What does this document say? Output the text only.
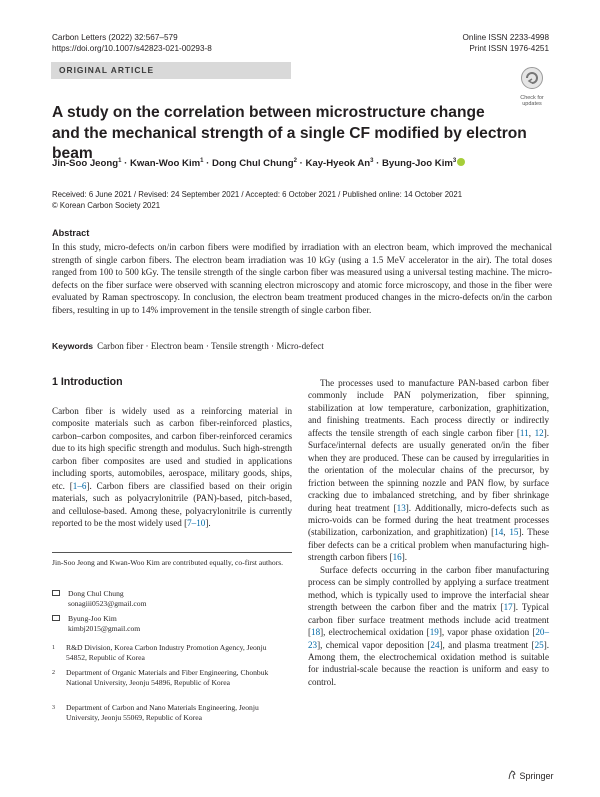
Carbon Letters (2022) 32:567–579
https://doi.org/10.1007/s42823-021-00293-8
Online ISSN 2233-4998
Print ISSN 1976-4251
ORIGINAL ARTICLE
Check for
updates
A study on the correlation between microstructure change
and the mechanical strength of a single CF modified by electron beam
Jin-Soo Jeong$^1$ · Kwan-Woo Kim$^1$ · Dong Chul Chung$^2$ · Kay-Hyeok $An^3$ · Byung-Joo Kim$^3$
Received: 6 June 2021 / Revised: 24 September 2021 / Accepted: 6 October 2021 / Published online: 14 October 2021
© Korean Carbon Society 2021
Abstract
In this study, micro-defects on/in carbon fibers were modified by irradiation with an electron beam, which improved the mechanical strength of single carbon fibers. The electron beam irradiation was 10 kGy (using a 1.5 MeV accelerator in the air). The total doses ranged from 100 to 500 kGy. The tensile strength of the single carbon fiber was measured using a universal testing machine. The micro-defects on the fiber surface were observed with scanning electron microscopy and atomic force microscopy, and those in the fiber were evaluated by Raman spectroscopy. In conclusion, the electron beam treatment produced changes in the micro-defects on/in the carbon fibers, resulting in up to 14% improvement in the tensile strength of single carbon fiber.
Keywords Carbon fiber · Electron beam · Tensile strength · Micro-defect
1 Introduction

Carbon fiber is widely used as a reinforcing material in composite materials such as carbon fiber-reinforced plastics, carbon–carbon composites, and carbon fiber-reinforced ceramics due to its high specific strength and modulus. Such high-strength carbon fiber composites are used and studied in applications including sports, automobiles, aerospace, military goods, ships, etc. [1–6]. Carbon fibers are classified based on their origin materials, such as polyacrylonitrile (PAN)-based, pitch-based, and cellulose-based. Among these, polyacrylonitrile is currently reported to be the most widely used [7–10].

Jin-Soo Jeong and Kwan-Woo Kim are contributed equally, co-first authors.
Dong Chul Chung
sonagiii0523@gmail.com
Byung-Joo Kim
kimbj2015@gmail.com
1 R&D Division, Korea Carbon Industry Promotion Agency, Jeonju 54852, Republic of Korea
2 Department of Organic Materials and Fiber Engineering, Chonbuk National University, Jeonju 54896, Republic of Korea
3 Department of Carbon and Nano Materials Engineering, Jeonju University, Jeonju 55069, Republic of Korea

The processes used to manufacture PAN-based carbon fiber commonly include PAN polymerization, fiber spinning, stabilization at low temperature, carbonization, graphitization, and finishing treatments. Each process directly or indirectly affects the tensile strength of each single carbon fiber [11, 12]. Surface/internal defects are usually generated on/in the fiber when they are produced. These can be caused by irregularities in the orientation of the molecular chains of the precursor, by friction between the spinning nozzle and PAN flow, by surface cracking due to imbalanced stretching, and by fiber shrinkage during heat treatment [13]. Additionally, micro-defects such as micro-voids can be formed during the heat treatment processes (stabilization, carbonization, and graphitization) [14, 15]. These fiber defects can be a critical problem when manufacturing high-strength carbon fibers [16].

Surface defects occurring in the carbon fiber manufacturing process can be simply controlled by applying a surface treatment method, which is typically used to improve the interfacial shear strength between the carbon fiber and the matrix [17]. Typical carbon fiber surface treatment methods include acid treatment [18], electrochemical oxidation [19], vapor phase oxidation [20–23], chemical vapor deposition [24], and plasma treatment [25]. Among them, the electrochemical oxidation method is suitable for industrial-scale because the reaction is uniform and easy to control.

Springer
